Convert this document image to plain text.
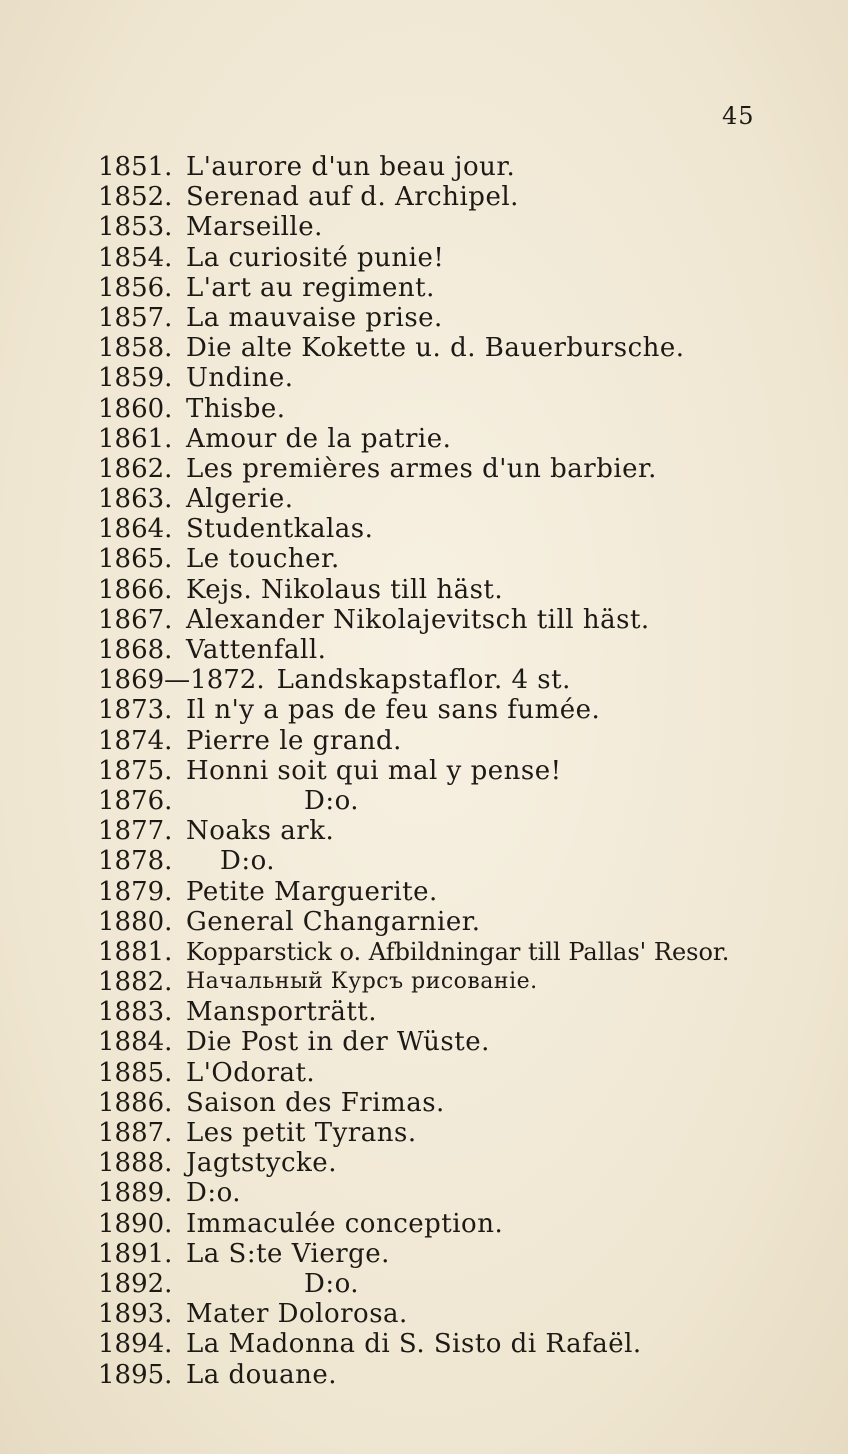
45
1851. L'aurore d'un beau jour.
1852. Serenad auf d. Archipel.
1853. Marseille.
1854. La curiosité punie!
1856. L'art au regiment.
1857. La mauvaise prise.
1858. Die alte Kokette u. d. Bauerbursche.
1859. Undine.
1860. Thisbe.
1861. Amour de la patrie.
1862. Les premières armes d'un barbier.
1863. Algerie.
1864. Studentkalas.
1865. Le toucher.
1866. Kejs. Nikolaus till häst.
1867. Alexander Nikolajevitsch till häst.
1868. Vattenfall.
1869—1872. Landskapstaflor. 4 st.
1873. Il n'y a pas de feu sans fumée.
1874. Pierre le grand.
1875. Honni soit qui mal y pense!
1876.	D:o.
1877. Noaks ark.
1878.	D:o.
1879. Petite Marguerite.
1880. General Changarnier.
1881. Kopparstick o. Afbildningar till Pallas' Resor.
1882. Начальный Курсъ рисованіе.
1883. Mansporträtt.
1884. Die Post in der Wüste.
1885. L'Odorat.
1886. Saison des Frimas.
1887. Les petit Tyrans.
1888. Jagtstycke.
1889. D:o.
1890. Immaculée conception.
1891. La S:te Vierge.
1892.	D:o.
1893. Mater Dolorosa.
1894. La Madonna di S. Sisto di Rafaël.
1895. La douane.
